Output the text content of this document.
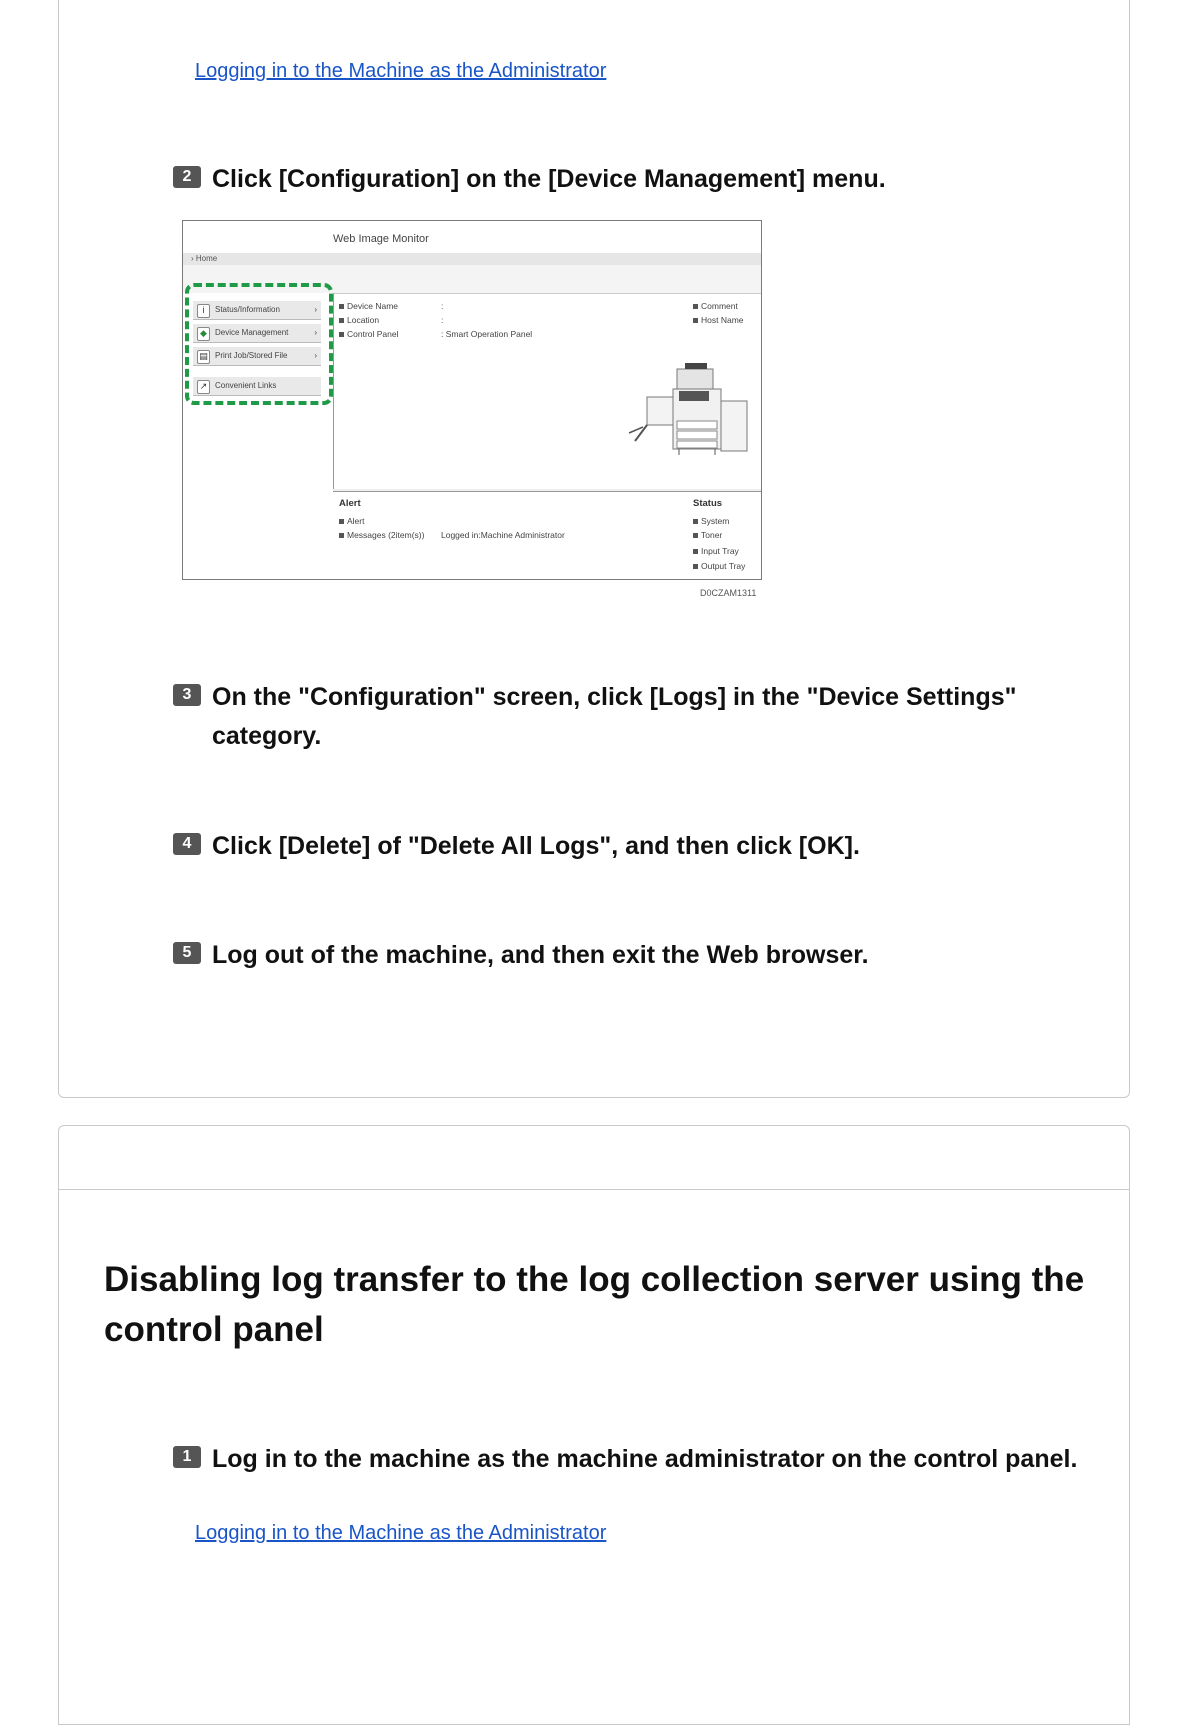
Logging in to the Machine as the Administrator
2 Click [Configuration] on the [Device Management] menu.
Web Image Monitor
› Home
i	Status/Information	›
◆	Device Management	›
▤ Print Job/Stored File	›
↗ Convenient Links
Device Name	:
Location	:
Control Panel	: Smart Operation Panel
Comment
Host Name
Alert
Alert
Messages (2item(s)) Logged in:Machine Administrator
Status
System
Toner
Input Tray
Output Tray
D0CZAM1311
3 On the "Configuration" screen, click [Logs] in the "Device Settings" category.
4 Click [Delete] of "Delete All Logs", and then click [OK].
5 Log out of the machine, and then exit the Web browser.
Disabling log transfer to the log collection server using the control panel
1 Log in to the machine as the machine administrator on the control panel.
Logging in to the Machine as the Administrator
